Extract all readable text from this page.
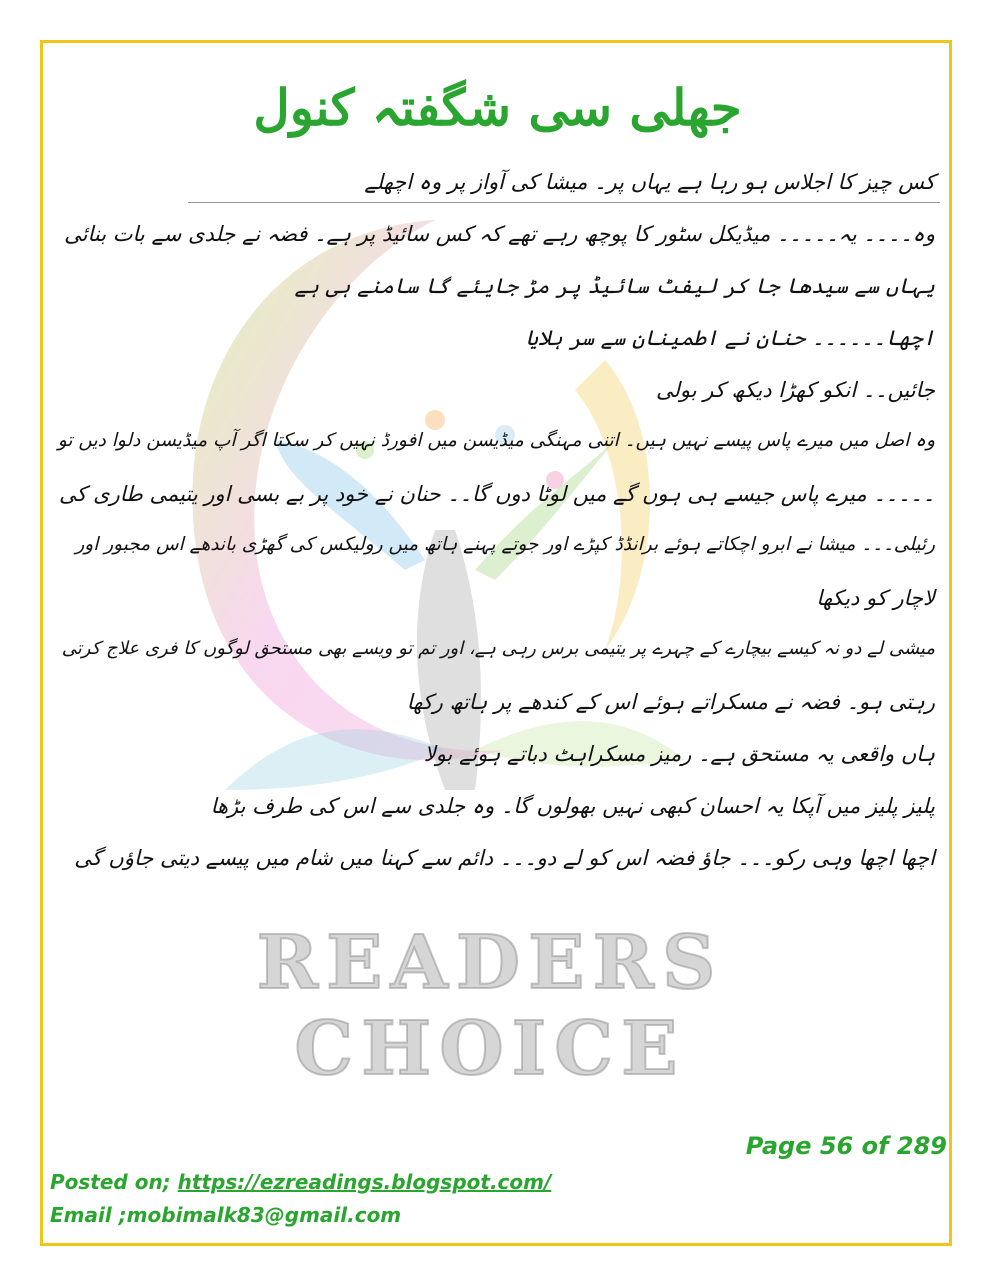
READERS CHOICE
جھلی سی شگفتہ کنول
کس چیز کا اجلاس ہو رہا ہے یہاں پر۔ میشا کی آواز پر وہ اچھلے
وہ۔۔۔۔ یہ۔۔۔۔۔ میڈیکل سٹور کا پوچھ رہے تھے کہ کس سائیڈ پر ہے۔ فضہ نے جلدی سے بات بنائی
یہاں سے سیدھا جا کر لیفٹ سائیڈ پر مڑ جایئے گا سامنے ہی ہے
اچھا۔۔۔۔۔۔ حنان نے اطمینان سے سر ہلایا
جائیں۔۔ انکو کھڑا دیکھ کر بولی
وہ اصل میں میرے پاس پیسے نہیں ہیں۔ اتنی مہنگی میڈیسن میں افورڈ نہیں کر سکتا اگر آپ میڈیسن دلوا دیں تو
۔۔۔۔۔ میرے پاس جیسے ہی ہوں گے میں لوٹا دوں گا۔۔ حنان نے خود پر بے بسی اور یتیمی طاری کی
رئیلی۔۔۔ میشا نے ابرو اچکاتے ہوئے برانڈڈ کپڑے اور جوتے پہنے ہاتھ میں رولیکس کی گھڑی باندھے اس مجبور اور
لاچار کو دیکھا
میشی لے دو نہ کیسے بیچارے کے چہرے پر یتیمی برس رہی ہے، اور تم تو ویسے بھی مستحق لوگوں کا فری علاج کرتی
رہتی ہو۔ فضہ نے مسکراتے ہوئے اس کے کندھے پر ہاتھ رکھا
ہاں واقعی یہ مستحق ہے۔ رمیز مسکراہٹ دباتے ہوئے بولا
پلیز پلیز میں آپکا یہ احسان کبھی نہیں بھولوں گا۔ وہ جلدی سے اس کی طرف بڑھا
اچھا اچھا وہی رکو۔۔۔ جاؤ فضہ اس کو لے دو۔۔۔ دائم سے کہنا میں شام میں پیسے دیتی جاؤں گی
Page 56 of 289
Posted on; https://ezreadings.blogspot.com/
Email ;mobimalk83@gmail.com
